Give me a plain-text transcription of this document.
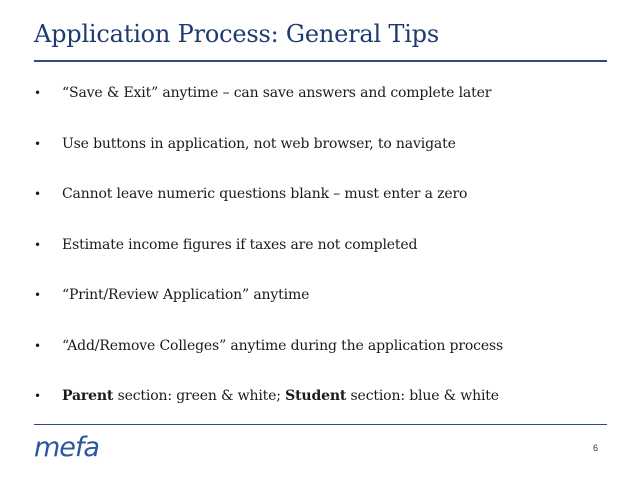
Application Process: General Tips
• “Save & Exit” anytime – can save answers and complete later
• Use buttons in application, not web browser, to navigate
• Cannot leave numeric questions blank – must enter a zero
• Estimate income figures if taxes are not completed
• “Print/Review Application” anytime
• “Add/Remove Colleges” anytime during the application process
• Parent section: green & white; Student section: blue & white
mefa	6
